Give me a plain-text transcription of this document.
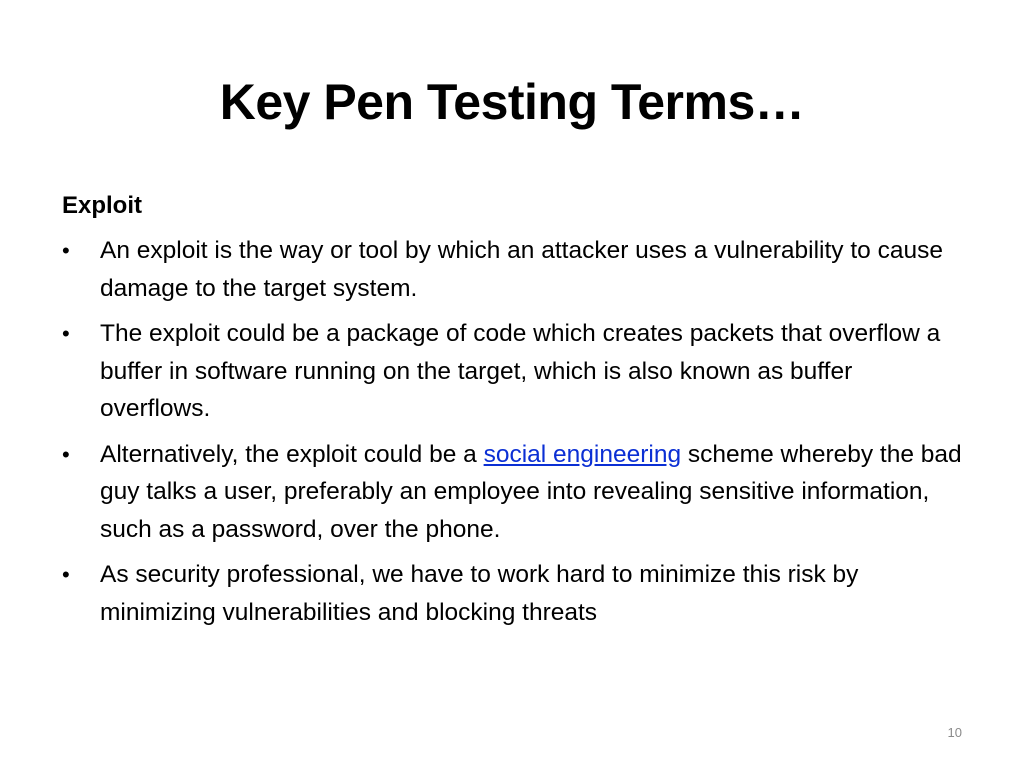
Key Pen Testing Terms…
Exploit
•	An exploit is the way or tool by which an attacker uses a vulnerability to cause damage to the target system.
•	The exploit could be a package of code which creates packets that overflow a buffer in software running on the target, which is also known as buffer overflows.
•	Alternatively, the exploit could be a social engineering scheme whereby the bad guy talks a user, preferably an employee into revealing sensitive information, such as a password, over the phone.
•	As security professional, we have to work hard to minimize this risk by minimizing vulnerabilities and blocking threats
10
